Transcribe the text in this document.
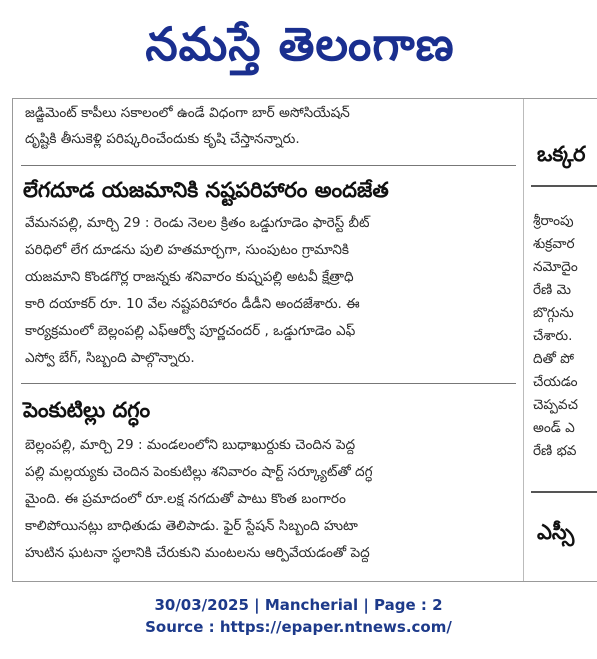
నమస్తే తెలంగాణ
జడ్జిమెంట్ కాపీలు సకాలంలో ఉండే విధంగా బార్ అసోసియేషన్
దృష్టికి తీసుకెళ్లి పరిష్కరించేందుకు కృషి చేస్తానన్నారు.
లేగదూడ యజమానికి నష్టపరిహారం అందజేత
వేమనపల్లి, మార్చి 29 : రెండు నెలల క్రితం ఒడ్డుగూడెం ఫారెస్ట్ బీట్
పరిధిలో లేగ దూడను పులి హతమార్చగా, సుంపుటం గ్రామానికి
యజమాని కొండగొర్ల రాజన్నకు శనివారం కుష్నపల్లి అటవీ క్షేత్రాధి
కారి దయాకర్ రూ. 10 వేల నష్టపరిహారం డీడీని అందజేశారు. ఈ
కార్యక్రమంలో బెల్లంపల్లి ఎఫ్ఆర్వో పూర్ణచందర్ , ఒడ్డుగూడెం ఎఫ్
ఎస్వో బేగ్, సిబ్బంది పాల్గొన్నారు.
పెంకుటిల్లు దగ్ధం
బెల్లంపల్లి, మార్చి 29 : మండలంలోని బుధాఖుర్దుకు చెందిన పెద్ద
పల్లి మల్లయ్యకు చెందిన పెంకుటిల్లు శనివారం షార్ట్ సర్క్యూట్‌తో దగ్ధ
మైంది. ఈ ప్రమాదంలో రూ.లక్ష నగదుతో పాటు కొంత బంగారం
కాలిపోయినట్లు బాధితుడు తెలిపాడు. ఫైర్ స్టేషన్ సిబ్బంది హుటా
హుటిన ఘటనా స్థలానికి చేరుకుని మంటలను ఆర్పివేయడంతో పెద్ద
ఒక్కర
శ్రీరాంపు
శుక్రవార
నమోదైం
రేణి మె
బొగ్గును
చేశారు.
దితో పో
చేయడం
చెప్పవచ
అండ్ ఎ
రేణి భవ
ఎస్సీ
30/03/2025 | Mancherial | Page : 2
Source : https://epaper.ntnews.com/
